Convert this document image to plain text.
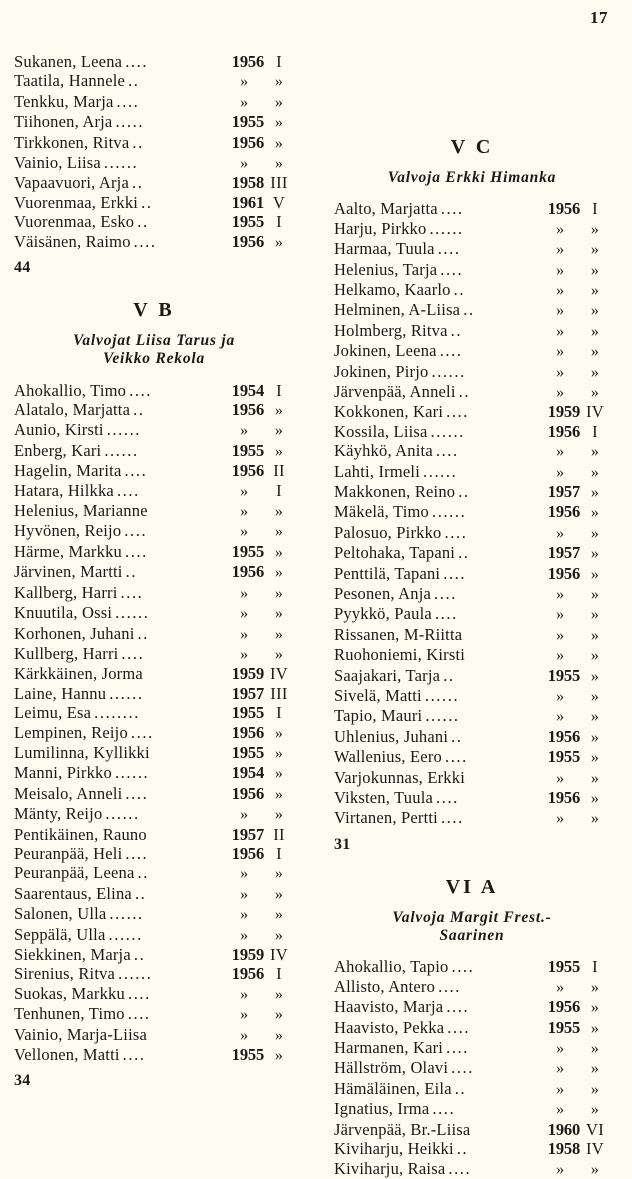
17
Sukanen, Leena ....	1956 I
Taatila, Hannele ..	»	»
Tenkku, Marja ....	»	»
Tiihonen, Arja .....	1955 »
Tirkkonen, Ritva ..	1956 »
Vainio, Liisa ......	»	»
Vapaavuori, Arja ..	1958 III
Vuorenmaa, Erkki ..	1961 V
Vuorenmaa, Esko ..	1955 I
Väisänen, Raimo ....	1956 »
44
V B
Valvojat Liisa Tarus ja
Veikko Rekola
Ahokallio, Timo ....	1954 I
Alatalo, Marjatta ..	1956 »
Aunio, Kirsti ......	»	»
Enberg, Kari ......	1955 »
Hagelin, Marita ....	1956 II
Hatara, Hilkka ....	»	I
Helenius, Marianne	»	»
Hyvönen, Reijo ....	»	»
Härme, Markku ....	1955 »
Järvinen, Martti ..	1956 »
Kallberg, Harri ....	»	»
Knuutila, Ossi ......	»	»
Korhonen, Juhani ..	»	»
Kullberg, Harri ....	»	»
Kärkkäinen, Jorma	1959 IV
Laine, Hannu ......	1957 III
Leimu, Esa ........	1955 I
Lempinen, Reijo ....	1956 »
Lumilinna, Kyllikki	1955 »
Manni, Pirkko ......	1954 »
Meisalo, Anneli ....	1956 »
Mänty, Reijo ......	»	»
Pentikäinen, Rauno	1957 II
Peuranpää, Heli ....	1956 I
Peuranpää, Leena ..	»	»
Saarentaus, Elina ..	»	»
Salonen, Ulla ......	»	»
Seppälä, Ulla ......	»	»
Siekkinen, Marja ..	1959 IV
Sirenius, Ritva ......	1956 I
Suokas, Markku ....	»	»
Tenhunen, Timo ....	»	»
Vainio, Marja-Liisa	»	»
Vellonen, Matti ....	1955 »
34
V C
Valvoja Erkki Himanka
Aalto, Marjatta ....	1956 I
Harju, Pirkko ......	»	»
Harmaa, Tuula ....	»	»
Helenius, Tarja ....	»	»
Helkamo, Kaarlo ..	»	»
Helminen, A-Liisa ..	»	»
Holmberg, Ritva ..	»	»
Jokinen, Leena ....	»	»
Jokinen, Pirjo ......	»	»
Järvenpää, Anneli ..	»	»
Kokkonen, Kari ....	1959 IV
Kossila, Liisa ......	1956 I
Käyhkö, Anita ....	»	»
Lahti, Irmeli ......	»	»
Makkonen, Reino ..	1957 »
Mäkelä, Timo ......	1956 »
Palosuo, Pirkko ....	»	»
Peltohaka, Tapani ..	1957 »
Penttilä, Tapani ....	1956 »
Pesonen, Anja ....	»	»
Pyykkö, Paula ....	»	»
Rissanen, M-Riitta	»	»
Ruohoniemi, Kirsti	»	»
Saajakari, Tarja ..	1955 »
Sivelä, Matti ......	»	»
Tapio, Mauri ......	»	»
Uhlenius, Juhani ..	1956 »
Wallenius, Eero ....	1955 »
Varjokunnas, Erkki	»	»
Viksten, Tuula ....	1956 »
Virtanen, Pertti ....	»	»
31
VI A
Valvoja Margit Frest.-
Saarinen
Ahokallio, Tapio ....	1955 I
Allisto, Antero ....	»	»
Haavisto, Marja ....	1956 »
Haavisto, Pekka ....	1955 »
Harmanen, Kari ....	»	»
Hällström, Olavi ....	»	»
Hämäläinen, Eila ..	»	»
Ignatius, Irma ....	»	»
Järvenpää, Br.-Liisa	1960 VI
Kiviharju, Heikki ..	1958 IV
Kiviharju, Raisa ....	»	»
